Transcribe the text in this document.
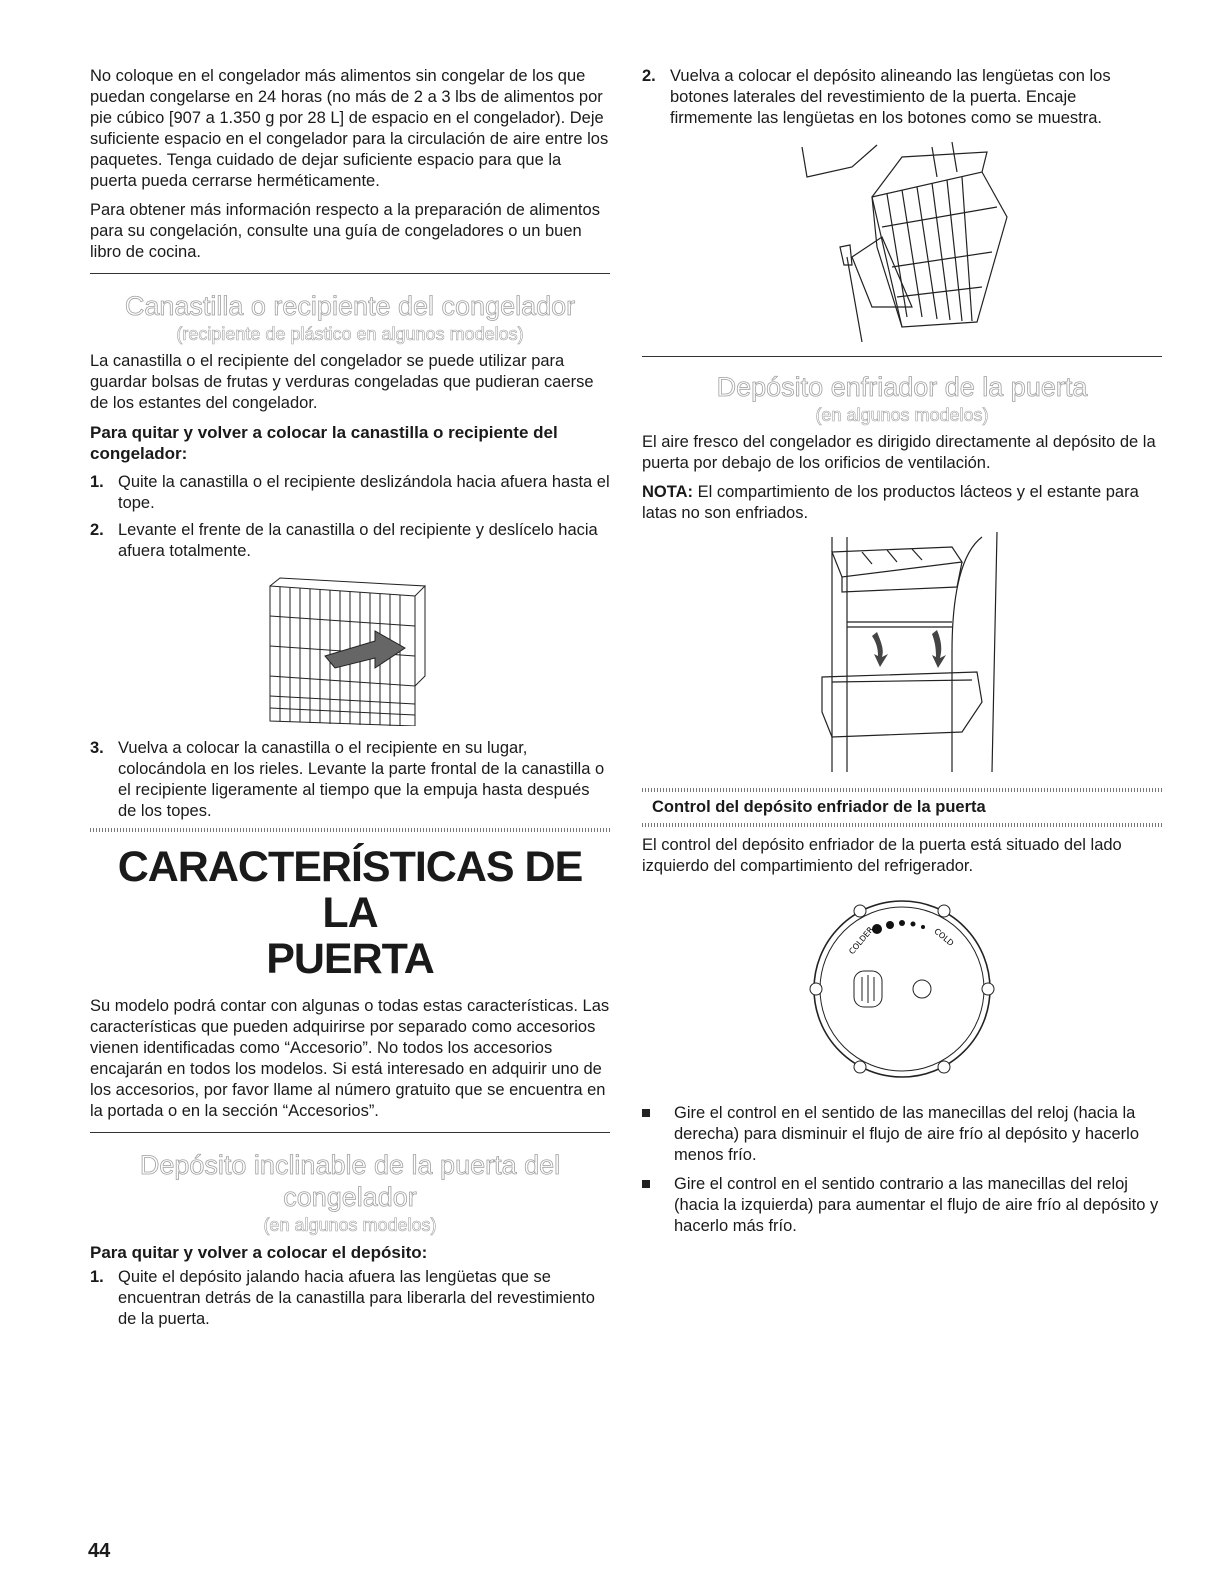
No coloque en el congelador más alimentos sin congelar de los que puedan congelarse en 24 horas (no más de 2 a 3 lbs de alimentos por pie cúbico [907 a 1.350 g por 28 L] de espacio en el congelador). Deje suficiente espacio en el congelador para la circulación de aire entre los paquetes. Tenga cuidado de dejar suficiente espacio para que la puerta pueda cerrarse herméticamente.

Para obtener más información respecto a la preparación de alimentos para su congelación, consulte una guía de congeladores o un buen libro de cocina.

Canastilla o recipiente del congelador
(recipiente de plástico en algunos modelos)

La canastilla o el recipiente del congelador se puede utilizar para guardar bolsas de frutas y verduras congeladas que pudieran caerse de los estantes del congelador.

Para quitar y volver a colocar la canastilla o recipiente del congelador:

1. Quite la canastilla o el recipiente deslizándola hacia afuera hasta el tope.
2. Levante el frente de la canastilla o del recipiente y deslícelo hacia afuera totalmente.
3. Vuelva a colocar la canastilla o el recipiente en su lugar, colocándola en los rieles. Levante la parte frontal de la canastilla o el recipiente ligeramente al tiempo que la empuja hasta después de los topes.
CARACTERÍSTICAS DE LA
PUERTA

Su modelo podrá contar con algunas o todas estas características. Las características que pueden adquirirse por separado como accesorios vienen identificadas como “Accesorio”. No todos los accesorios encajarán en todos los modelos. Si está interesado en adquirir uno de los accesorios, por favor llame al número gratuito que se encuentra en la portada o en la sección “Accesorios”.

Depósito inclinable de la puerta del
congelador
(en algunos modelos)

Para quitar y volver a colocar el depósito:

1. Quite el depósito jalando hacia afuera las lengüetas que se encuentran detrás de la canastilla para liberarla del revestimiento de la puerta.
2. Vuelva a colocar el depósito alineando las lengüetas con los botones laterales del revestimiento de la puerta. Encaje firmemente las lengüetas en los botones como se muestra.
Depósito enfriador de la puerta
(en algunos modelos)

El aire fresco del congelador es dirigido directamente al depósito de la puerta por debajo de los orificios de ventilación.

NOTA: El compartimiento de los productos lácteos y el estante para latas no son enfriados.

Control del depósito enfriador de la puerta

El control del depósito enfriador de la puerta está situado del lado izquierdo del compartimiento del refrigerador.

COLDER	COLD
Gire el control en el sentido de las manecillas del reloj (hacia la derecha) para disminuir el flujo de aire frío al depósito y hacerlo menos frío.
Gire el control en el sentido contrario a las manecillas del reloj (hacia la izquierda) para aumentar el flujo de aire frío al depósito y hacerlo más frío.
44
